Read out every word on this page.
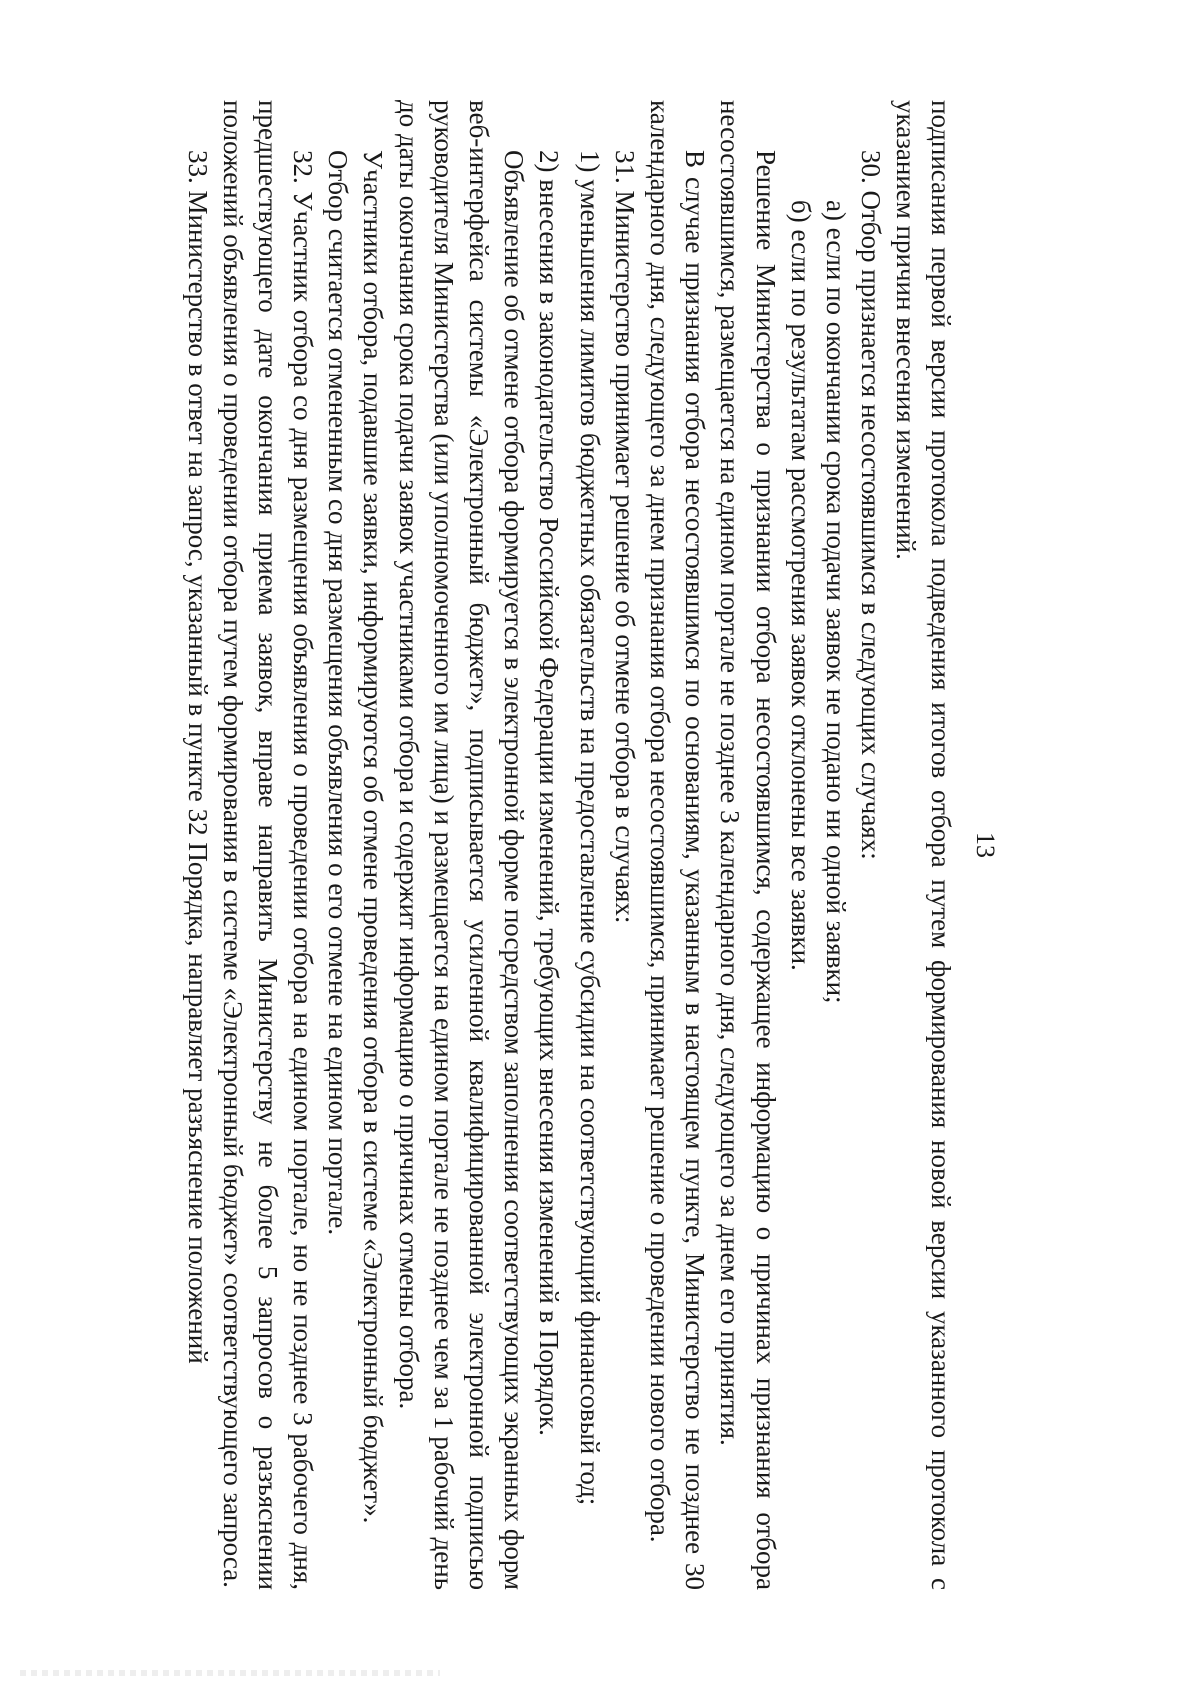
13

подписания первой версии протокола подведения итогов отбора путем формирования новой версии указанного протокола с указанием причин внесения изменений.

30. Отбор признается несостоявшимся в следующих случаях:

а) если по окончании срока подачи заявок не подано ни одной заявки;

б) если по результатам рассмотрения заявок отклонены все заявки.

Решение Министерства о признании отбора несостоявшимся, содержащее информацию о причинах признания отбора несостоявшимся, размещается на едином портале не позднее 3 календарного дня, следующего за днем его принятия.

В случае признания отбора несостоявшимся по основаниям, указанным в настоящем пункте, Министерство не позднее 30 календарного дня, следующего за днем признания отбора несостоявшимся, принимает решение о проведении нового отбора.

31. Министерство принимает решение об отмене отбора в случаях:

1) уменьшения лимитов бюджетных обязательств на предоставление субсидии на соответствующий финансовый год;

2) внесения в законодательство Российской Федерации изменений, требующих внесения изменений в Порядок.

Объявление об отмене отбора формируется в электронной форме посредством заполнения соответствующих экранных форм веб-интерфейса системы «Электронный бюджет», подписывается усиленной квалифицированной электронной подписью руководителя Министерства (или уполномоченного им лица) и размещается на едином портале не позднее чем за 1 рабочий день до даты окончания срока подачи заявок участниками отбора и содержит информацию о причинах отмены отбора.

Участники отбора, подавшие заявки, информируются об отмене проведения отбора в системе «Электронный бюджет».

Отбор считается отмененным со дня размещения объявления о его отмене на едином портале.

32. Участник отбора со дня размещения объявления о проведении отбора на едином портале, но не позднее 3 рабочего дня, предшествующего дате окончания приема заявок, вправе направить Министерству не более 5 запросов о разъяснении положений объявления о проведении отбора путем формирования в системе «Электронный бюджет» соответствующего запроса.

33. Министерство в ответ на запрос, указанный в пункте 32 Порядка, направляет разъяснение положений
